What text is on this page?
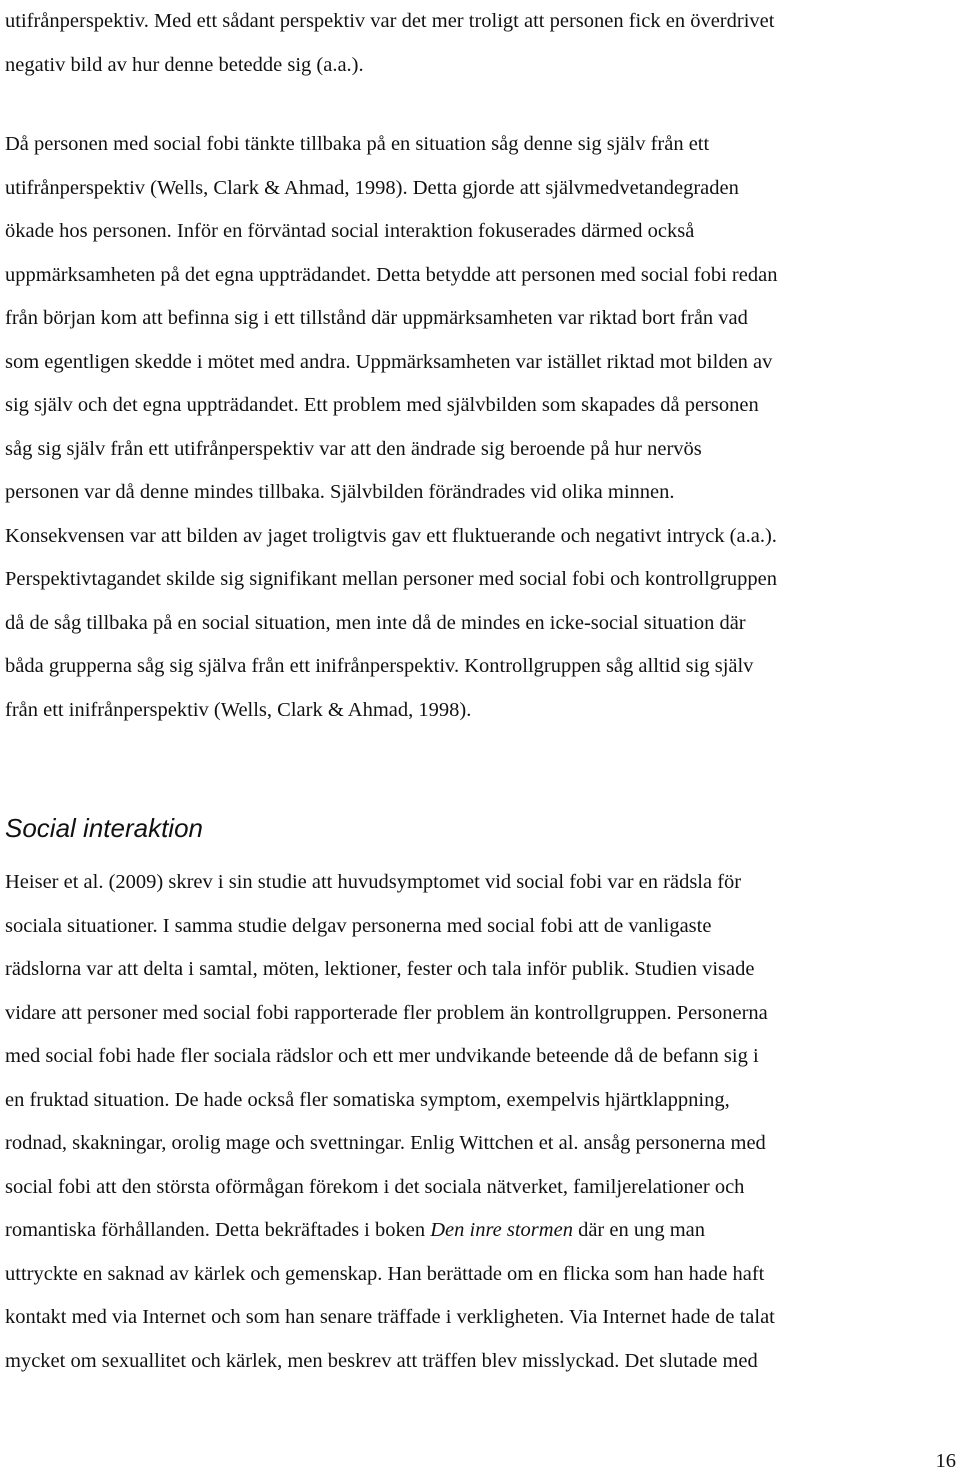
utifrånperspektiv. Med ett sådant perspektiv var det mer troligt att personen fick en överdrivet
negativ bild av hur denne betedde sig (a.a.).
Då personen med social fobi tänkte tillbaka på en situation såg denne sig själv från ett
utifrånperspektiv (Wells, Clark & Ahmad, 1998). Detta gjorde att självmedvetandegraden
ökade hos personen. Inför en förväntad social interaktion fokuserades därmed också
uppmärksamheten på det egna uppträdandet. Detta betydde att personen med social fobi redan
från början kom att befinna sig i ett tillstånd där uppmärksamheten var riktad bort från vad
som egentligen skedde i mötet med andra. Uppmärksamheten var istället riktad mot bilden av
sig själv och det egna uppträdandet. Ett problem med självbilden som skapades då personen
såg sig själv från ett utifrånperspektiv var att den ändrade sig beroende på hur nervös
personen var då denne mindes tillbaka. Självbilden förändrades vid olika minnen.
Konsekvensen var att bilden av jaget troligtvis gav ett fluktuerande och negativt intryck (a.a.).
Perspektivtagandet skilde sig signifikant mellan personer med social fobi och kontrollgruppen
då de såg tillbaka på en social situation, men inte då de mindes en icke-social situation där
båda grupperna såg sig själva från ett inifrånperspektiv. Kontrollgruppen såg alltid sig själv
från ett inifrånperspektiv (Wells, Clark & Ahmad, 1998).
Social interaktion
Heiser et al. (2009) skrev i sin studie att huvudsymptomet vid social fobi var en rädsla för
sociala situationer. I samma studie delgav personerna med social fobi att de vanligaste
rädslorna var att delta i samtal, möten, lektioner, fester och tala inför publik. Studien visade
vidare att personer med social fobi rapporterade fler problem än kontrollgruppen. Personerna
med social fobi hade fler sociala rädslor och ett mer undvikande beteende då de befann sig i
en fruktad situation. De hade också fler somatiska symptom, exempelvis hjärtklappning,
rodnad, skakningar, orolig mage och svettningar. Enlig Wittchen et al. ansåg personerna med
social fobi att den största oförmågan förekom i det sociala nätverket, familjerelationer och
romantiska förhållanden. Detta bekräftades i boken Den inre stormen där en ung man
uttryckte en saknad av kärlek och gemenskap. Han berättade om en flicka som han hade haft
kontakt med via Internet och som han senare träffade i verkligheten. Via Internet hade de talat
mycket om sexuallitet och kärlek, men beskrev att träffen blev misslyckad. Det slutade med
16
